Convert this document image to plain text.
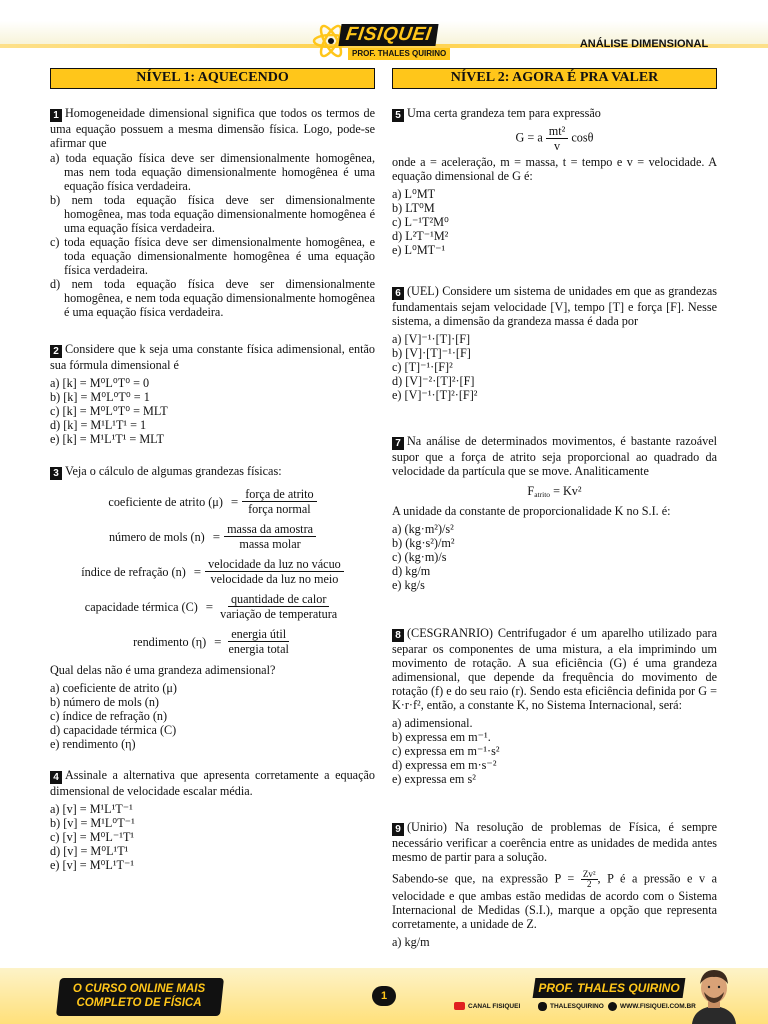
FISIQUEI
PROF. THALES QUIRINO
ANÁLISE DIMENSIONAL
NÍVEL 1: AQUECENDO
1 Homogeneidade dimensional significa que todos os termos de uma equação possuem a mesma dimensão física. Logo, pode-se afirmar que
a) toda equação física deve ser dimensionalmente homogênea, mas nem toda equação dimensionalmente homogênea é uma equação física verdadeira.
b) nem toda equação física deve ser dimensionalmente homogênea, mas toda equação dimensionalmente homogênea é uma equação física verdadeira.
c) toda equação física deve ser dimensionalmente homogênea, e toda equação dimensionalmente homogênea é uma equação física verdadeira.
d) nem toda equação física deve ser dimensionalmente homogênea, e nem toda equação dimensionalmente homogênea é uma equação física verdadeira.
2 Considere que k seja uma constante física adimensional, então sua fórmula dimensional é
a) [k] = M⁰L⁰T⁰ = 0
b) [k] = M⁰L⁰T⁰ = 1
c) [k] = M⁰L⁰T⁰ = MLT
d) [k] = M¹L¹T¹ = 1
e) [k] = M¹L¹T¹ = MLT
3 Veja o cálculo de algumas grandezas físicas:
coeficiente de atrito $(\mu) = \frac{\text{força de atrito}}{\text{força normal}}$
número de mols $(n) = \frac{\text{massa da amostra}}{\text{massa molar}}$
índice de refração $(n) = \frac{\text{velocidade da luz no vácuo}}{\text{velocidade da luz no meio}}$
capacidade térmica $(C) = \frac{\text{quantidade de calor}}{\text{variação de temperatura}}$
rendimento $(\eta) = \frac{\text{energia útil}}{\text{energia total}}$
Qual delas não é uma grandeza adimensional?
a) coeficiente de atrito (μ)
b) número de mols (n)
c) índice de refração (n)
d) capacidade térmica (C)
e) rendimento (η)
4 Assinale a alternativa que apresenta corretamente a equação dimensional de velocidade escalar média.
a) [v] = M¹L¹T⁻¹
b) [v] = M¹L⁰T⁻¹
c) [v] = M⁰L⁻¹T¹
d) [v] = M⁰L¹T¹
e) [v] = M⁰L¹T⁻¹
NÍVEL 2: AGORA É PRA VALER
5 Uma certa grandeza tem para expressão
G = a $\frac{\text{mt²}}{v}$ cosθ
onde a = aceleração, m = massa, t = tempo e v = velocidade. A equação dimensional de G é:
a) L⁰MT
b) LT⁰M
c) L⁻¹T²M⁰
d) L²T⁻¹M²
e) L⁰MT⁻¹
6 (UEL) Considere um sistema de unidades em que as grandezas fundamentais sejam velocidade [V], tempo [T] e força [F]. Nesse sistema, a dimensão da grandeza massa é dada por
a) [V]⁻¹·[T]·[F]
b) [V]·[T]⁻¹·[F]
c) [T]⁻¹·[F]²
d) [V]⁻²·[T]²·[F]
e) [V]⁻¹·[T]²·[F]²
7 Na análise de determinados movimentos, é bastante razoável supor que a força de atrito seja proporcional ao quadrado da velocidade da partícula que se move. Analiticamente
$F_{atrito} = Kv^2$
A unidade da constante de proporcionalidade K no S.I. é:
a) (kg·m²)/s²
b) (kg·s²)/m²
c) (kg·m)/s
d) kg/m
e) kg/s
8 (CESGRANRIO) Centrifugador é um aparelho utilizado para separar os componentes de uma mistura, a ela imprimindo um movimento de rotação. A sua eficiência (G) é uma grandeza adimensional, que depende da frequência do movimento de rotação (f) e do seu raio (r). Sendo esta eficiência definida por G = K·r·f², então, a constante K, no Sistema Internacional, será:
a) adimensional.
b) expressa em m⁻¹.
c) expressa em m⁻¹·s²
d) expressa em m·s⁻²
e) expressa em s²
9 (Unirio) Na resolução de problemas de Física, é sempre necessário verificar a coerência entre as unidades de medida antes mesmo de partir para a solução.
Sabendo-se que, na expressão $P = \frac{\text{Zv²}}{2}$ , P é a pressão e v a velocidade e que ambas estão medidas de acordo com o Sistema Internacional de Medidas (S.I.), marque a opção que representa corretamente, a unidade de Z.
a) kg/m
O CURSO ONLINE MAIS COMPLETO DE FÍSICA
1
PROF. THALES QUIRINO
CANAL FISIQUEI	THALESQUIRINO WWW.FISIQUEI.COM.BR
